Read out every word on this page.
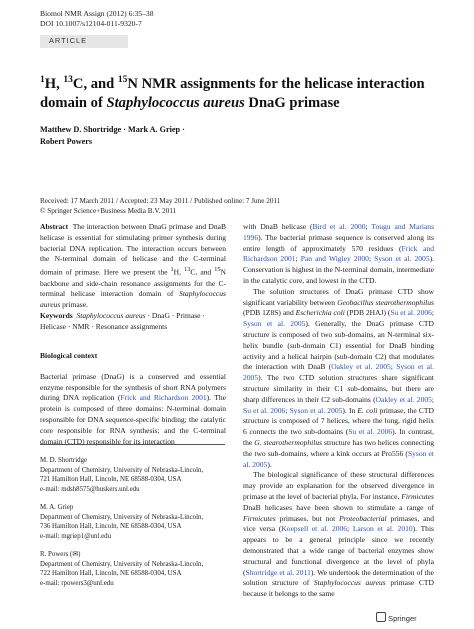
Biomol NMR Assign (2012) 6:35–38
DOI 10.1007/s12104-011-9320-7
ARTICLE
$^1$H, $^{13}$C, and $^{15}$N NMR assignments for the helicase interaction
domain of Staphylococcus aureus DnaG primase
Matthew D. Shortridge · Mark A. Griep ·
Robert Powers
Received: 17 March 2011 / Accepted: 23 May 2011 / Published online: 7 June 2011
© Springer Science+Business Media B.V. 2011

Abstract The interaction between DnaG primase and DnaB helicase is essential for stimulating primer synthesis during bacterial DNA replication. The interaction occurs between the N-terminal domain of helicase and the C-terminal domain of primase. Here we present the $^1$H, $^{13}$C, and $^{15}$N backbone and side-chain resonance assignments for the C-terminal helicase interaction domain of Staphylococcus aureus primase.

Keywords Staphylococcus aureus · DnaG · Primase · Helicase · NMR · Resonance assignments

Biological context

Bacterial primase (DnaG) is a conserved and essential enzyme responsible for the synthesis of short RNA polymers during DNA replication (Frick and Richardson 2001). The protein is composed of three domains: N-terminal domain responsible for DNA sequence-specific binding; the catalytic core responsible for RNA synthesis; and the C-terminal domain (CTD) responsible for its interaction

M. D. Shortridge
Department of Chemistry, University of Nebraska-Lincoln,
721 Hamilton Hall, Lincoln, NE 68588-0304, USA
e-mail: mdsh8575@huskers.unl.edu
M. A. Griep
Department of Chemistry, University of Nebraska-Lincoln,
736 Hamilton Hall, Lincoln, NE 68588-0304, USA
e-mail: mgriep1@unl.edu
R. Powers (✉)
Department of Chemistry, University of Nebraska-Lincoln,
722 Hamilton Hall, Lincoln, NE 68588-0304, USA
e-mail: rpowers3@unl.edu

with DnaB helicase (Bird et al. 2000; Tougu and Marians 1996). The bacterial primase sequence is conserved along its entire length of approximately 570 residues (Frick and Richardson 2001; Pan and Wigley 2000; Syson et al. 2005). Conservation is highest in the N-terminal domain, intermediate in the catalytic core, and lowest in the CTD.

The solution structures of DnaG primase CTD show significant variability between Geobacillus stearothermophilus (PDB 1Z8S) and Escherichia coli (PDB 2HAJ) (Su et al. 2006; Syson et al. 2005). Generally, the DnaG primase CTD structure is composed of two sub-domains, an N-terminal six-helix bundle (sub-domain C1) essential for DnaB binding activity and a helical hairpin (sub-domain C2) that modulates the interaction with DnaB (Oakley et al. 2005; Syson et al. 2005). The two CTD solution structures share significant structure similarity in their C1 sub-domains, but there are sharp differences in their C2 sub-domains (Oakley et al. 2005; Su et al. 2006; Syson et al. 2005). In E. coli primase, the CTD structure is composed of 7 helices, where the long, rigid helix 6 connects the two sub-domains (Su et al. 2006). In contrast, the G. stearothermophilus structure has two helices connecting the two sub-domains, where a kink occurs at Pro556 (Syson et al. 2005).

The biological significance of these structural differences may provide an explanation for the observed divergence in primase at the level of bacterial phyla. For instance, Firmicutes DnaB helicases have been shown to stimulate a range of Firmicutes primases, but not Proteobacterial primases, and vice versa (Koepsell et al. 2006; Larson et al. 2010). This appears to be a general principle since we recently demonstrated that a wide range of bacterial enzymes show structural and functional divergence at the level of phyla (Shortridge et al. 2011). We undertook the determination of the solution structure of Staphylococcus aureus primase CTD because it belongs to the same

Springer
